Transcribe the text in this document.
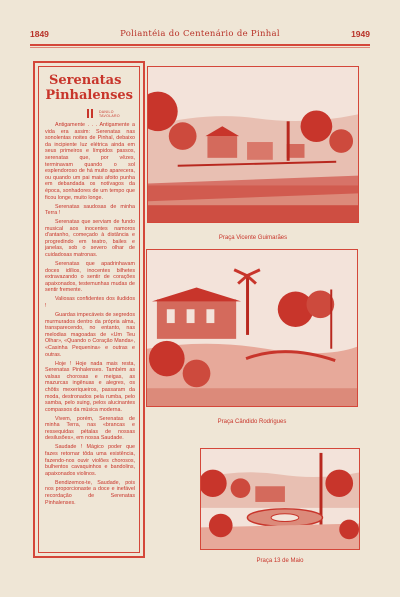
1849	Poliantéia do Centenário de Pinhal	1949
Serenatas
Pinhalenses
DANILO TAVOLARO

Antigamente . . . Antigamente a vida era assim: Serenatas nas sonolentas noites de Pinhal, debaixo da incipiente luz elétrica ainda em seus primeiros e límpidos passos, serenatas que, por vêzes, terminavam quando o sol esplendoroso de há muito aparecera, ou quando um pai mais afoito punha em debandada os notívagos da época, sonhadores de um tempo que ficou longe, muito longe.

Serenatas saudosas de minha Terra !

Serenatas que serviam de fundo musical aos inocentes namoros d'antanho, começado à distância e progredindo em teatro, bailes e janelas, sob o severo olhar de cuidadosas matronas.

Serenatas que apadrinhavam doces idílios, inocentes bilhetes extravazando o sentir de corações apaixonados, testemunhas mudas de sentir fremente.

Valiosas confidentes dos iludidos !

Guardas impecáveis de segredos murmurados dentro da própria alma, transparecendo, no entanto, nas melodias magoadas de «Um Teu Olhar», «Quando o Coração Manda», «Casinha Pequenina» e outras e outras.

Hoje ! Hoje nada mais resta, Serenatas Pinhalenses. Também as valsas chorosas e meigas, as mazurcas ingênuas e alegres, os chôtis mexeriqueiros, passaram da moda, destronados pela rumba, pelo samba, pelo suing, pelos alucinantes compassos da música moderna.

Vivem, porém, Serenatas de minha Terra, nas «brancas e ressequidas pétalas de nossas desilusões», em nossa Saudade.

Saudade ! Mágico poder que fazes retornar tôda uma existência, fazendo-nos ouvir violões chorosos, bulhentos cavaquinhos e bandolins, apaixonados violinos.

Bendizemos-te, Saudade, pois nos proporcionaste a doce e inefável recordação de Serenatas Pinhalenses.

Praça Vicente Guimarães
Praça Cândido Rodrigues
Praça 13 de Maio
